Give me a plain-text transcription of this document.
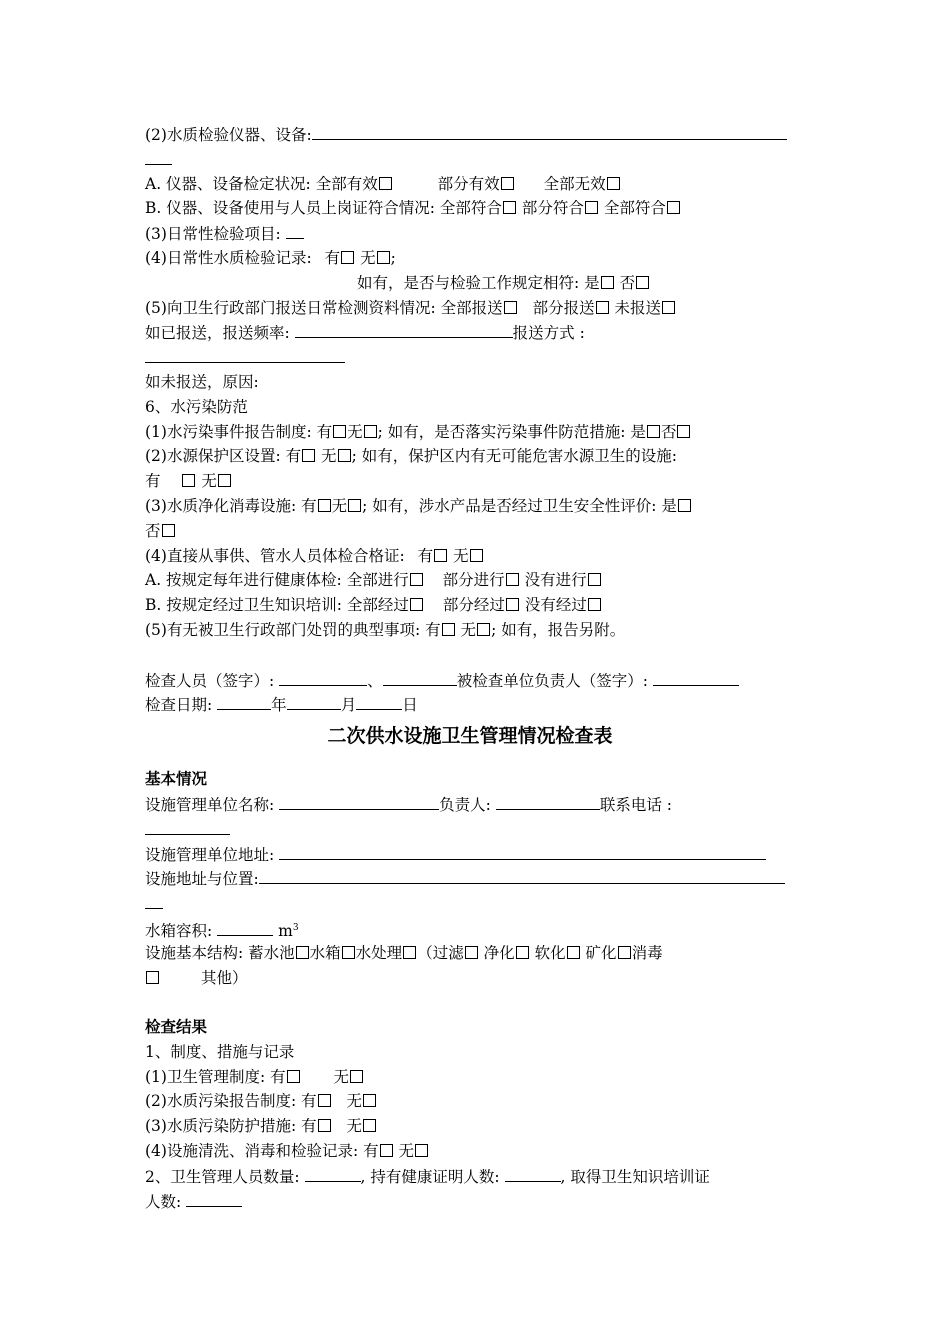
(2)水质检验仪器、设备:
A. 仪器、设备检定状况: 全部有效	部分有效	全部无效
B. 仪器、设备使用与人员上岗证符合情况: 全部符合 部分符合 全部符合
(3)日常性检验项目:
(4)日常性水质检验记录: 有 无 ;
如有，是否与检验工作规定相符: 是 否
(5)向卫生行政部门报送日常检测资料情况: 全部报送 部分报送 未报送
如已报送，报送频率:	报送方式 :
如未报送，原因:
6、水污染防范
(1)水污染事件报告制度: 有 无 ; 如有，是否落实污染事件防范措施: 是 否
(2)水源保护区设置: 有 无 ; 如有，保护区内有无可能危害水源卫生的设施:
有	无
(3)水质净化消毒设施: 有 无 ; 如有，涉水产品是否经过卫生安全性评价: 是
否
(4)直接从事供、管水人员体检合格证: 有 无
A. 按规定每年进行健康体检: 全部进行 部分进行 没有进行
B. 按规定经过卫生知识培训: 全部经过 部分经过 没有经过
(5)有无被卫生行政部门处罚的典型事项: 有 无 ; 如有，报告另附。
检查人员（签字）:	、	被检查单位负责人（签字）:
检查日期:	年	月	日
二次供水设施卫生管理情况检查表
基本情况
设施管理单位名称:	负责人:	联系电话 :
设施管理单位地址:
设施地址与位置:
水箱容积:	$m^3$
设施基本结构: 蓄水池 水箱 水处理 （过滤 净化 软化 矿化 消毒
其他）
检查结果
1、制度、措施与记录
(1)卫生管理制度: 有	无
(2)水质污染报告制度: 有 无
(3)水质污染防护措施: 有 无
(4)设施清洗、消毒和检验记录: 有 无
2、卫生管理人员数量:	, 持有健康证明人数:	, 取得卫生知识培训证
人数:
